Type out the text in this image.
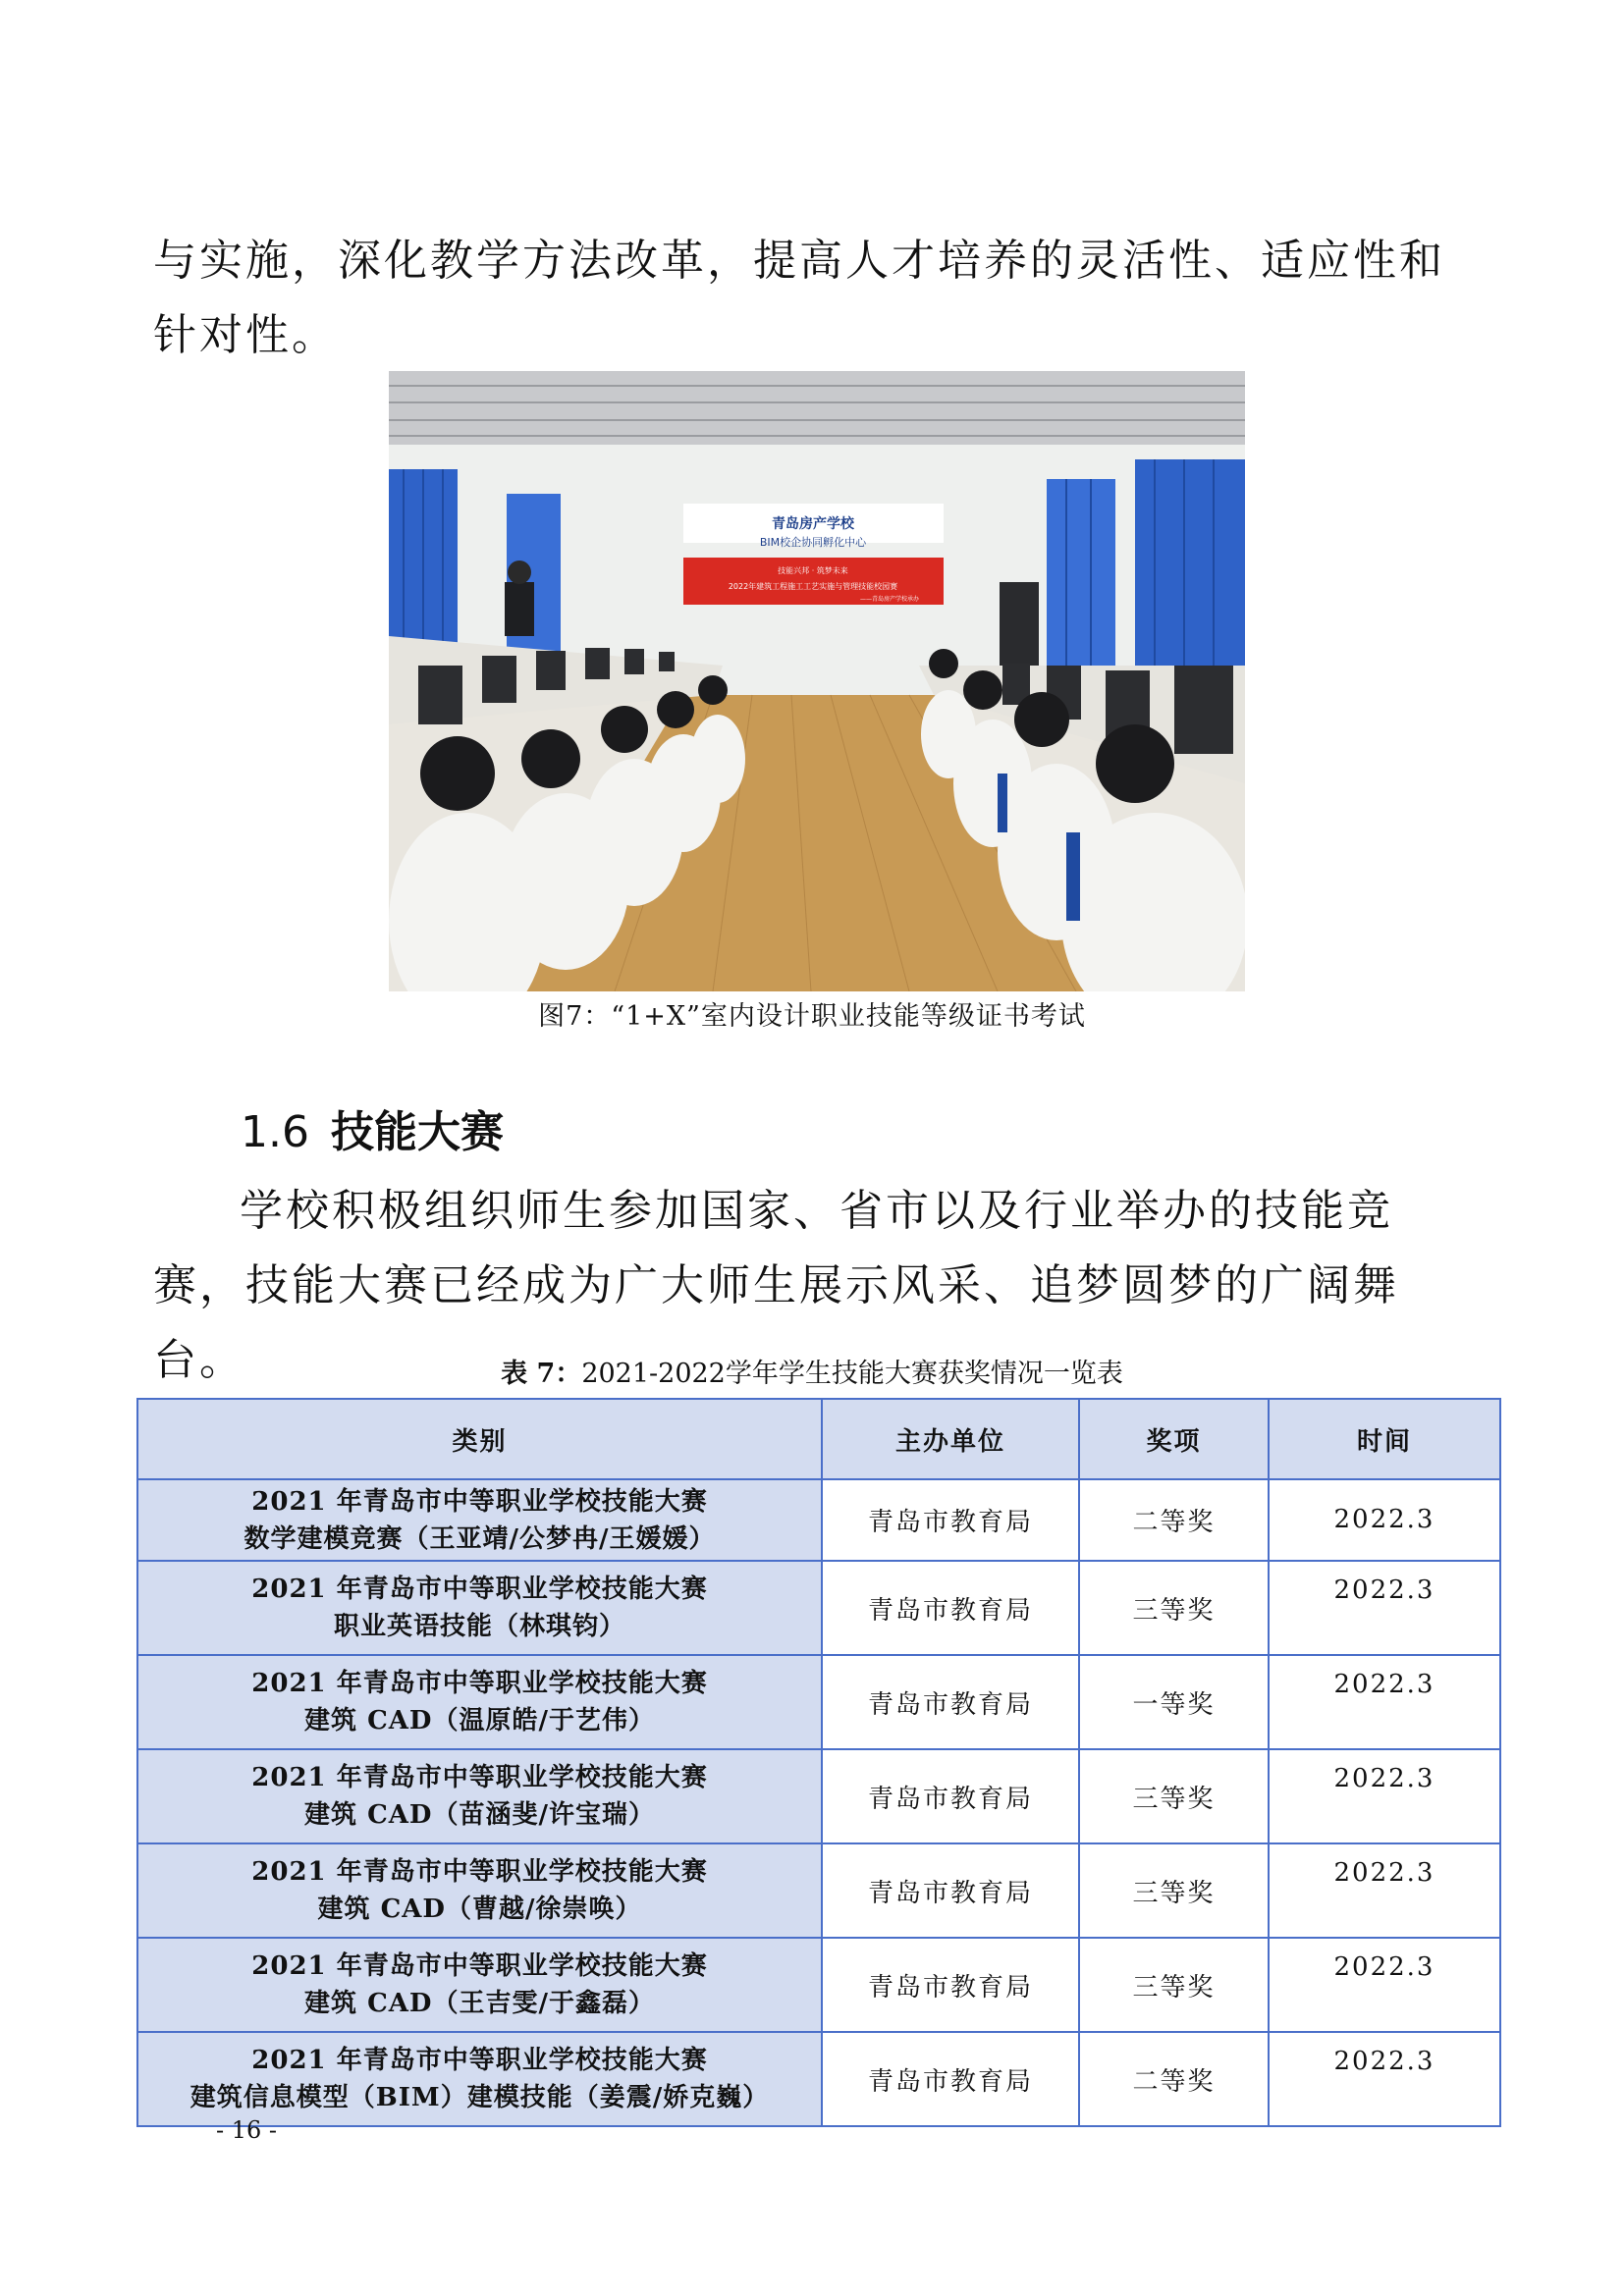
与实施，深化教学方法改革，提高人才培养的灵活性、适应性和针对性。

青岛房产学校
BIM校企协同孵化中心
技能兴邦 · 筑梦未来
2022年建筑工程施工工艺实施与管理技能校园赛
——青岛房产学校承办
图7：“1+X”室内设计职业技能等级证书考试
1.6 技能大赛

学校积极组织师生参加国家、省市以及行业举办的技能竞赛，技能大赛已经成为广大师生展示风采、追梦圆梦的广阔舞台。	表 7：2021-2022学年学生技能大赛获奖情况一览表
类别	主办单位	奖项	时间

2021 年青岛市中等职业学校技能大赛
数学建模竞赛（王亚靖/公梦冉/王媛媛）	青岛市教育局	二等奖	2022.3

2021 年青岛市中等职业学校技能大赛
职业英语技能（林琪钧）	青岛市教育局	三等奖	2022.3

2021 年青岛市中等职业学校技能大赛
建筑 CAD（温原皓/于艺伟）	青岛市教育局	一等奖	2022.3

2021 年青岛市中等职业学校技能大赛
建筑 CAD（苗涵斐/许宝瑞）	青岛市教育局	三等奖	2022.3

2021 年青岛市中等职业学校技能大赛
建筑 CAD（曹越/徐崇唤）	青岛市教育局	三等奖	2022.3

2021 年青岛市中等职业学校技能大赛
建筑 CAD（王吉雯/于鑫磊）	青岛市教育局	三等奖	2022.3

2021 年青岛市中等职业学校技能大赛
建筑信息模型（BIM）建模技能（姜震/娇克巍）	青岛市教育局	二等奖	2022.3
- 16 -
